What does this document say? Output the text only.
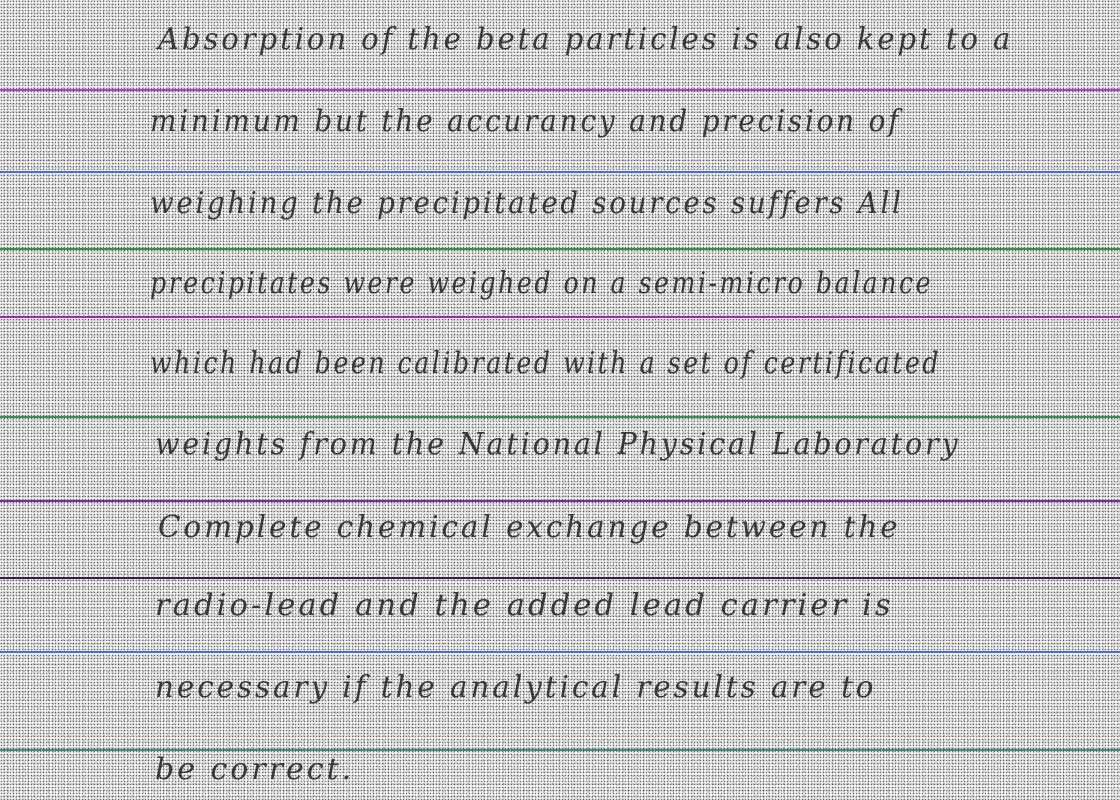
Absorption of the beta particles is also kept to a
minimum but the accurancy and precision of
weighing the precipitated sources suffers All
precipitates were weighed on a semi-micro balance
which had been calibrated with a set of certificated
weights from the National Physical Laboratory
Complete chemical exchange between the
radio-lead and the added lead carrier is
necessary if the analytical results are to
be correct.
